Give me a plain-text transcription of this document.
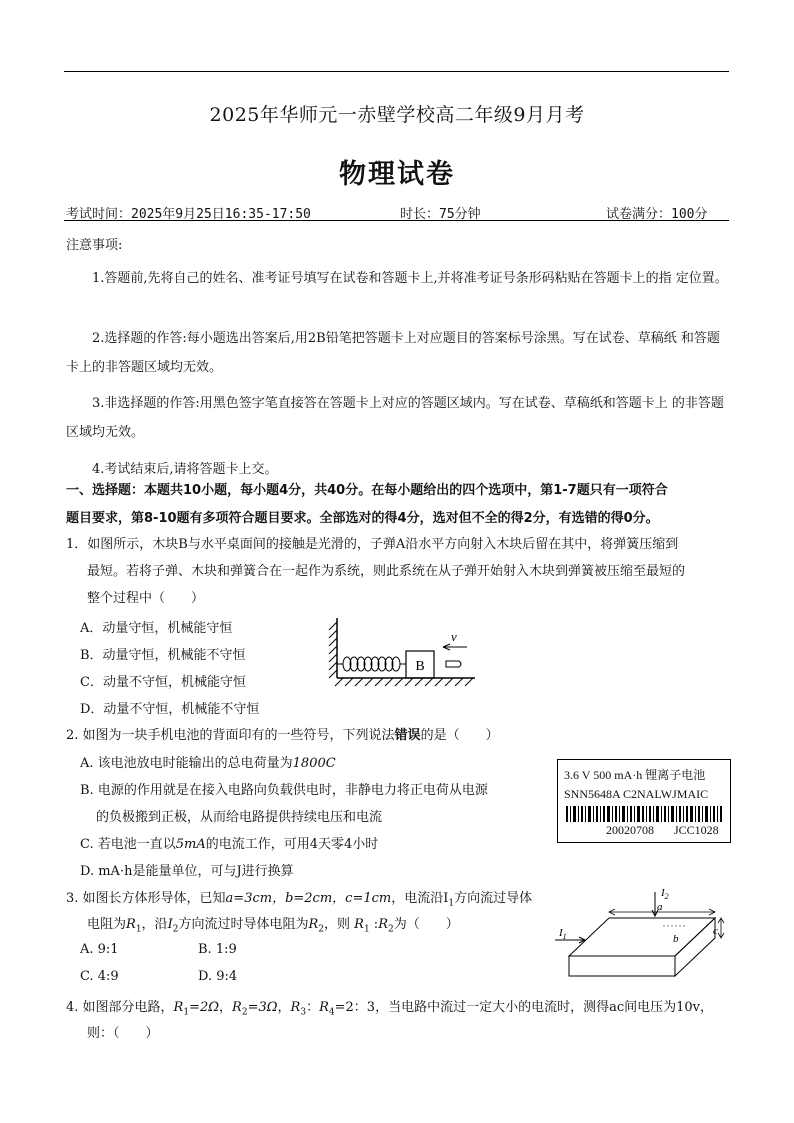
2025年华师元一赤壁学校高二年级9月月考
物理试卷
考试时间：2025年9月25日16:35-17:50	时长：75分钟	试卷满分：100分
注意事项:
1.答题前,先将自己的姓名、准考证号填写在试卷和答题卡上,并将准考证号条形码粘贴在答题卡上的指 定位置。
2.选择题的作答:每小题选出答案后,用2B铅笔把答题卡上对应题目的答案标号涂黑。写在试卷、草稿纸 和答题卡上的非答题区域均无效。
3.非选择题的作答:用黑色签字笔直接答在答题卡上对应的答题区域内。写在试卷、草稿纸和答题卡上 的非答题区域均无效。
4.考试结束后,请将答题卡上交。
一、选择题：本题共10小题，每小题4分，共40分。在每小题给出的四个选项中，第1-7题只有一项符合
题目要求，第8-10题有多项符合题目要求。全部选对的得4分，选对但不全的得2分，有选错的得0分。
1．如图所示，木块B与水平桌面间的接触是光滑的，子弹A沿水平方向射入木块后留在其中，将弹簧压缩到
最短。若将子弹、木块和弹簧合在一起作为系统，则此系统在从子弹开始射入木块到弹簧被压缩至最短的
整个过程中（　　）
A．动量守恒，机械能守恒
B．动量守恒，机械能不守恒
C．动量不守恒，机械能守恒
D．动量不守恒，机械能不守恒
B
v
2. 如图为一块手机电池的背面印有的一些符号，下列说法错误的是（　　）
A. 该电池放电时能输出的总电荷量为1800C
B. 电源的作用就是在接入电路向负载供电时，非静电力将正电荷从电源
的负极搬到正极，从而给电路提供持续电压和电流
C. 若电池一直以5mA的电流工作，可用4天零4小时
D. mA·h是能量单位，可与J进行换算
3.6 V 500 mA·h 锂离子电池
SNN5648A C2NALWJMAIC
20020708 JCC1028
3. 如图长方体形导体，已知a=3cm，b=2cm，c=1cm，电流沿$I_1$方向流过导体
电阻为$R_1$，沿$I_2$方向流过时导体电阻为$R_2$，则 $R_1$ $:R_2$为（　　）
A. 9:1	B. 1:9
C. 4:9	D. 9:4
a
b
c
$I_2$
$I_1$
4. 如图部分电路，$R_1=2\Omega$，$R_2=3\Omega$，$R_3$：$R_4=2$：3，当电路中流过一定大小的电流时，测得ac间电压为10v，
则：（　　）
